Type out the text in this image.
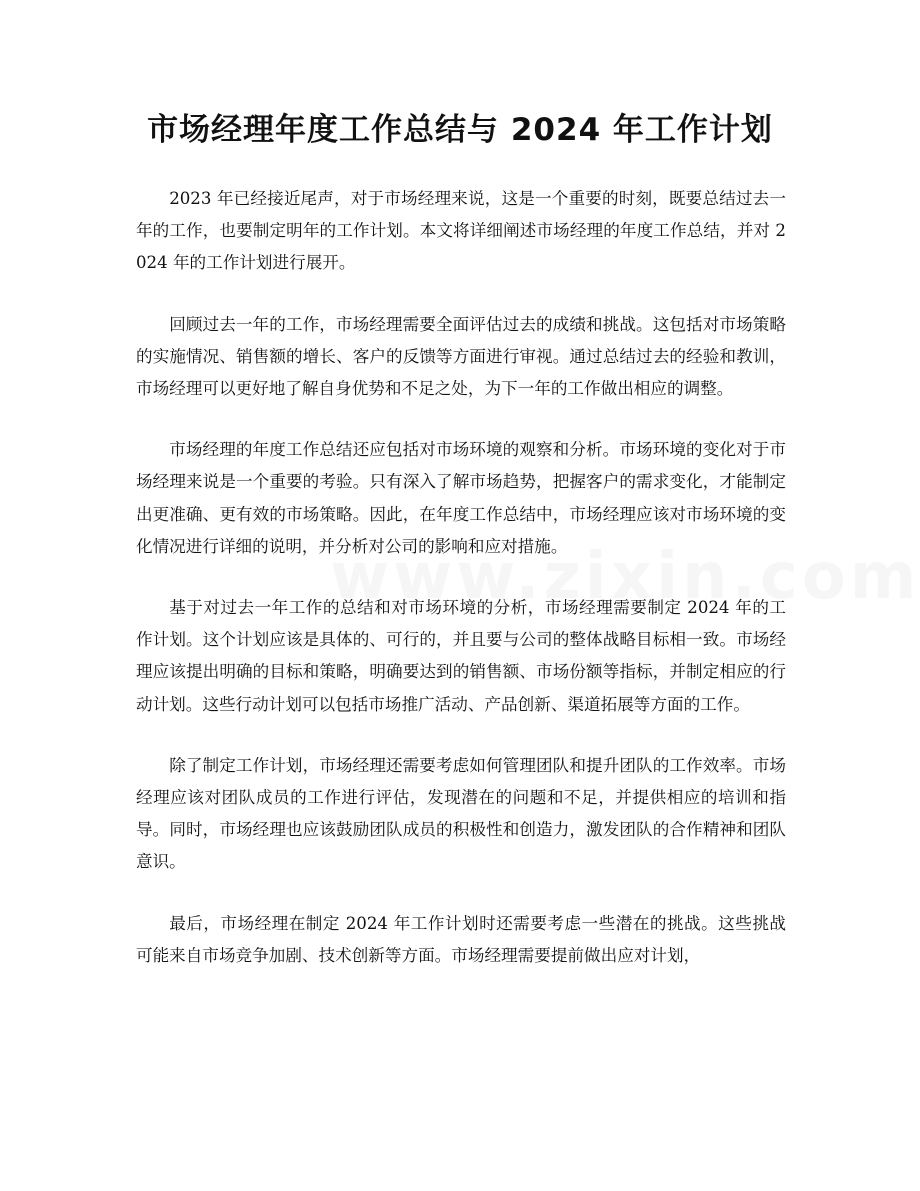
市场经理年度工作总结与 2024 年工作计划

2023 年已经接近尾声，对于市场经理来说，这是一个重要的时刻，既要总结过去一年的工作，也要制定明年的工作计划。本文将详细阐述市场经理的年度工作总结，并对 2024 年的工作计划进行展开。

回顾过去一年的工作，市场经理需要全面评估过去的成绩和挑战。这包括对市场策略的实施情况、销售额的增长、客户的反馈等方面进行审视。通过总结过去的经验和教训，市场经理可以更好地了解自身优势和不足之处，为下一年的工作做出相应的调整。

市场经理的年度工作总结还应包括对市场环境的观察和分析。市场环境的变化对于市场经理来说是一个重要的考验。只有深入了解市场趋势，把握客户的需求变化，才能制定出更准确、更有效的市场策略。因此，在年度工作总结中，市场经理应该对市场环境的变化情况进行详细的说明，并分析对公司的影响和应对措施。

基于对过去一年工作的总结和对市场环境的分析，市场经理需要制定 2024 年的工作计划。这个计划应该是具体的、可行的，并且要与公司的整体战略目标相一致。市场经理应该提出明确的目标和策略，明确要达到的销售额、市场份额等指标，并制定相应的行动计划。这些行动计划可以包括市场推广活动、产品创新、渠道拓展等方面的工作。

除了制定工作计划，市场经理还需要考虑如何管理团队和提升团队的工作效率。市场经理应该对团队成员的工作进行评估，发现潜在的问题和不足，并提供相应的培训和指导。同时，市场经理也应该鼓励团队成员的积极性和创造力，激发团队的合作精神和团队意识。

最后，市场经理在制定 2024 年工作计划时还需要考虑一些潜在的挑战。这些挑战可能来自市场竞争加剧、技术创新等方面。市场经理需要提前做出应对计划，
